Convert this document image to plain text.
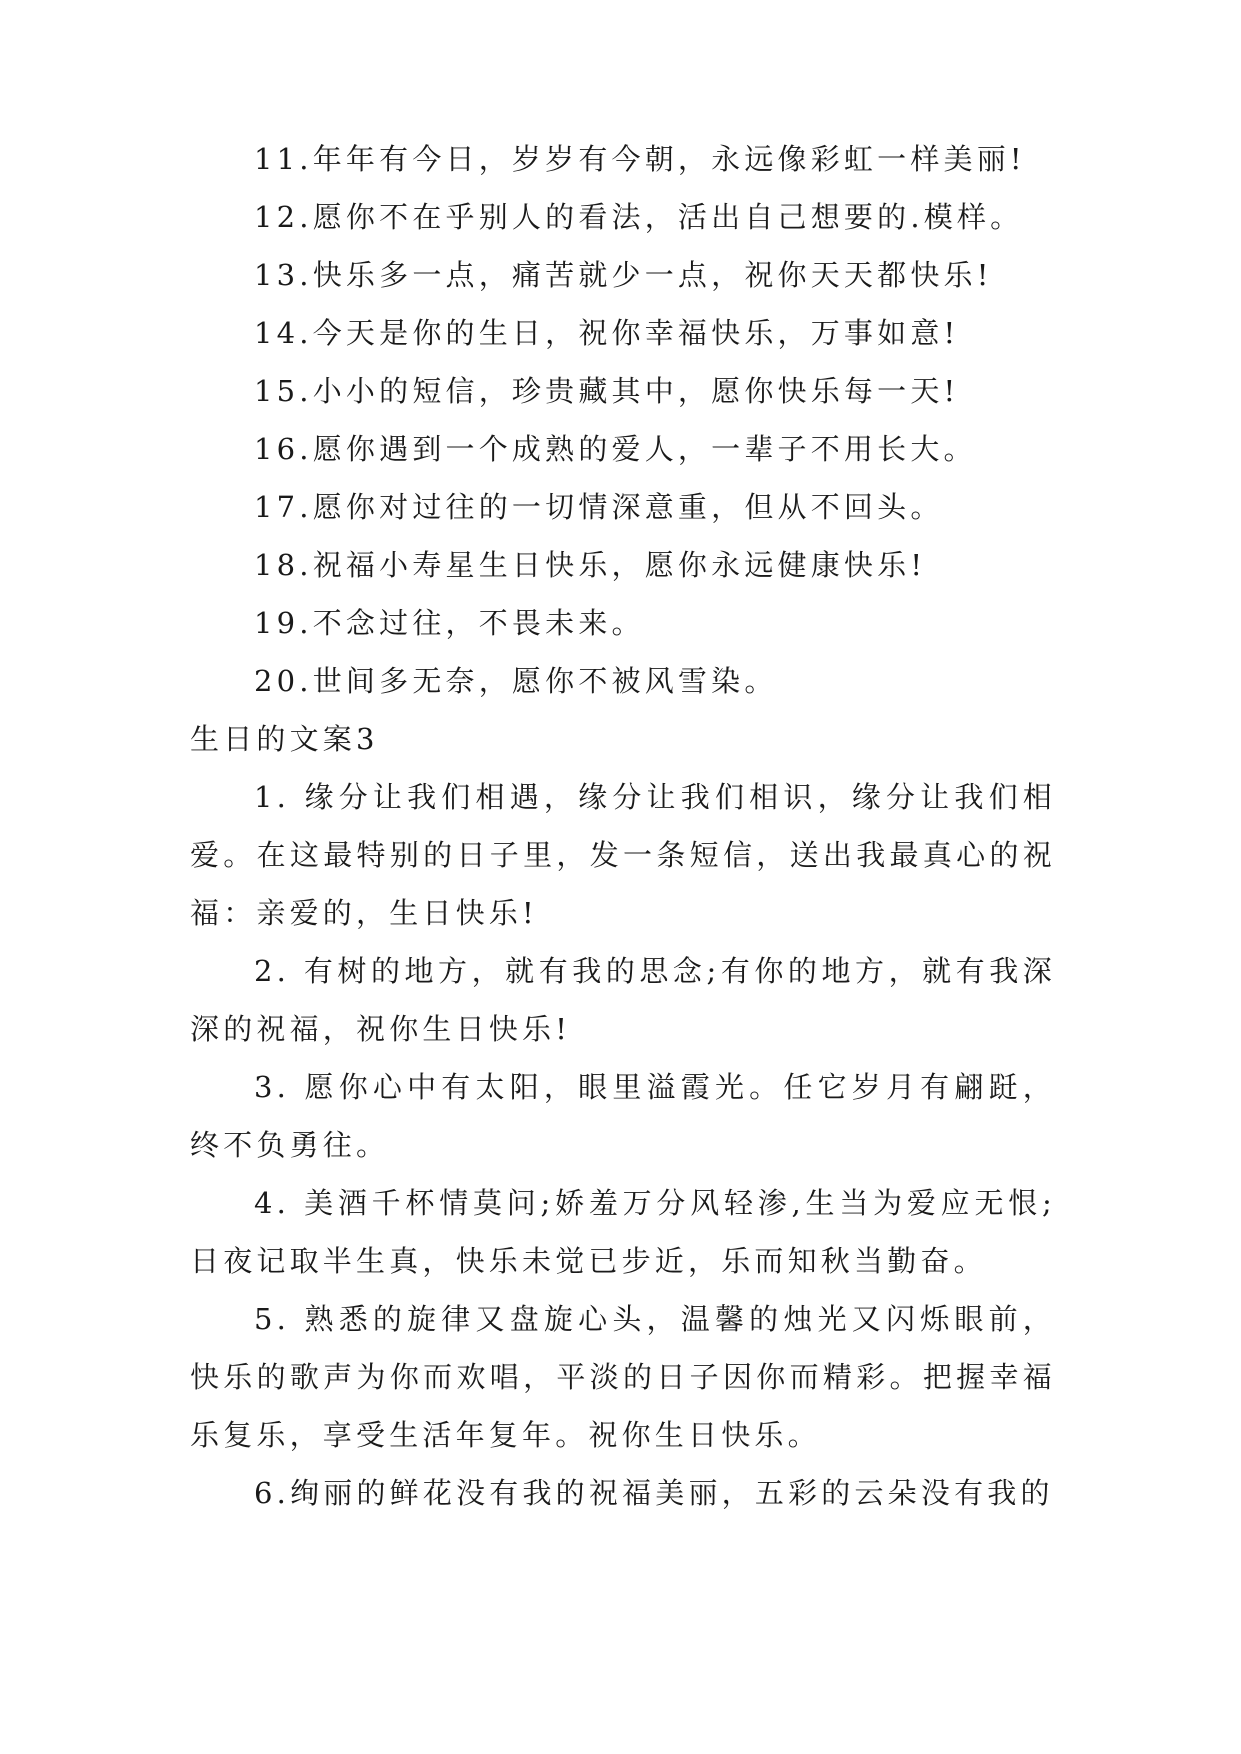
11.年年有今日，岁岁有今朝，永远像彩虹一样美丽!

12.愿你不在乎别人的看法，活出自己想要的.模样。

13.快乐多一点，痛苦就少一点，祝你天天都快乐!

14.今天是你的生日，祝你幸福快乐，万事如意!

15.小小的短信，珍贵藏其中，愿你快乐每一天!

16.愿你遇到一个成熟的爱人，一辈子不用长大。

17.愿你对过往的一切情深意重，但从不回头。

18.祝福小寿星生日快乐，愿你永远健康快乐!

19.不念过往，不畏未来。

20.世间多无奈，愿你不被风雪染。

生日的文案3

1. 缘分让我们相遇，缘分让我们相识，缘分让我们相爱。在这最特别的日子里，发一条短信，送出我最真心的祝福：亲爱的，生日快乐!

2. 有树的地方，就有我的思念;有你的地方，就有我深深的祝福，祝你生日快乐!

3. 愿你心中有太阳，眼里溢霞光。任它岁月有翩跹，终不负勇往。

4. 美酒千杯情莫问;娇羞万分风轻渗,生当为爱应无恨;日夜记取半生真，快乐未觉已步近，乐而知秋当勤奋。

5. 熟悉的旋律又盘旋心头，温馨的烛光又闪烁眼前，快乐的歌声为你而欢唱，平淡的日子因你而精彩。把握幸福乐复乐，享受生活年复年。祝你生日快乐。

6.绚丽的鲜花没有我的祝福美丽，五彩的云朵没有我的
